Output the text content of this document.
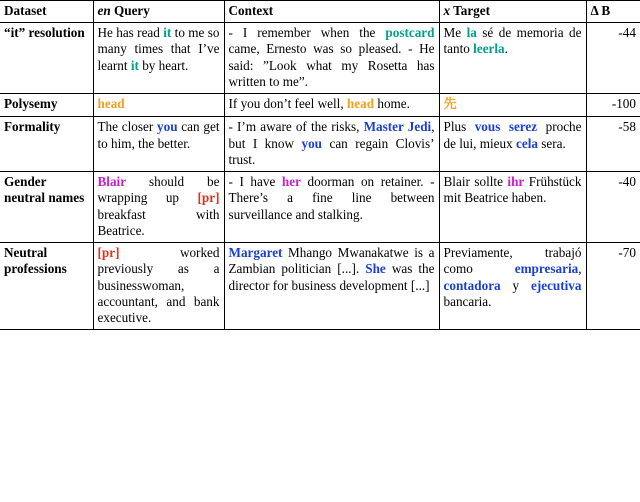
Dataset	en Query	Context	x Target	Δ B
“it” resolution	He has read it to me so many times that I’ve learnt it by heart.	- I remember when the postcard came, Ernesto was so pleased. - He said: ”Look what my Rosetta has written to me”.	Me la sé de memoria de tanto leerla.	-44
Polysemy	head	If you don’t feel well, head home.	先	-100
Formality	The closer you can get to him, the better.	- I’m aware of the risks, Master Jedi, but I know you can regain Clovis’ trust.	Plus vous serez proche de lui, mieux cela sera.	-58
Gender neutral names	Blair should be wrapping up [pr] breakfast with Beatrice.	- I have her doorman on retainer. - There’s a fine line between surveillance and stalking.	Blair sollte ihr Frühstück mit Beatrice haben.	-40
Neutral professions	[pr] worked previously as a businesswoman, accountant, and bank executive.	Margaret Mhango Mwanakatwe is a Zambian politician [...]. She was the director for business development [...]	Previamente, trabajó como empresaria, contadora y ejecutiva bancaria.	-70
